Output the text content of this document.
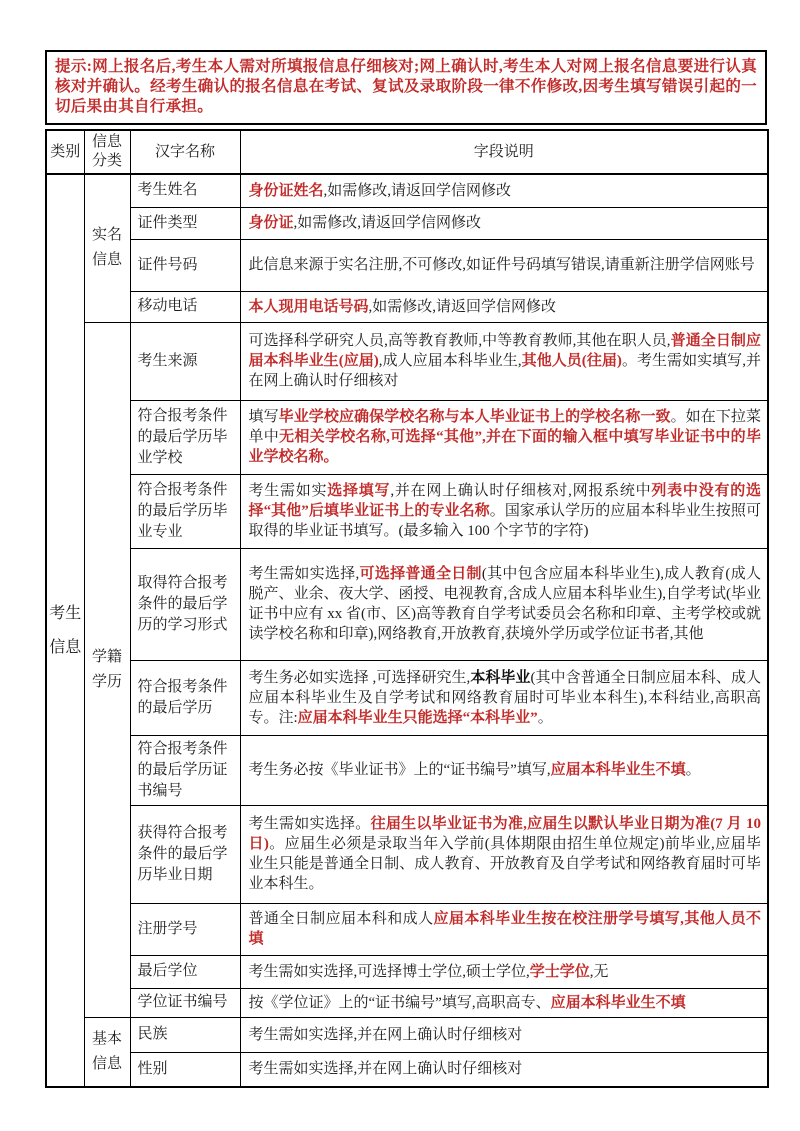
提示:网上报名后,考生本人需对所填报信息仔细核对;网上确认时,考生本人对网上报名信息要进行认真核对并确认。经考生确认的报名信息在考试、复试及录取阶段一律不作修改,因考生填写错误引起的一切后果由其自行承担。
类别	信息分类	汉字名称	字段说明
考生信息	实名信息	考生姓名	身份证姓名,如需修改,请返回学信网修改
		证件类型	身份证,如需修改,请返回学信网修改
		证件号码	此信息来源于实名注册,不可修改,如证件号码填写错误,请重新注册学信网账号
		移动电话	本人现用电话号码,如需修改,请返回学信网修改
	学籍学历	考生来源	可选择科学研究人员,高等教育教师,中等教育教师,其他在职人员,普通全日制应届本科毕业生(应届),成人应届本科毕业生,其他人员(往届)。考生需如实填写,并在网上确认时仔细核对
		符合报考条件的最后学历毕业学校	填写毕业学校应确保学校名称与本人毕业证书上的学校名称一致。如在下拉菜单中无相关学校名称,可选择“其他”,并在下面的输入框中填写毕业证书中的毕业学校名称。
		符合报考条件的最后学历毕业专业	考生需如实选择填写,并在网上确认时仔细核对,网报系统中列表中没有的选择“其他”后填毕业证书上的专业名称。国家承认学历的应届本科毕业生按照可取得的毕业证书填写。(最多输入 100 个字节的字符)
		取得符合报考条件的最后学历的学习形式	考生需如实选择,可选择普通全日制(其中包含应届本科毕业生),成人教育(成人脱产、业余、夜大学、函授、电视教育,含成人应届本科毕业生),自学考试(毕业证书中应有 xx 省(市、区)高等教育自学考试委员会名称和印章、主考学校或就读学校名称和印章),网络教育,开放教育,获境外学历或学位证书者,其他
		符合报考条件的最后学历	考生务必如实选择 ,可选择研究生,本科毕业(其中含普通全日制应届本科、成人应届本科毕业生及自学考试和网络教育届时可毕业本科生),本科结业,高职高专。注:应届本科毕业生只能选择“本科毕业”。
		符合报考条件的最后学历证书编号	考生务必按《毕业证书》上的“证书编号”填写,应届本科毕业生不填。
		获得符合报考条件的最后学历毕业日期	考生需如实选择。往届生以毕业证书为准,应届生以默认毕业日期为准(7 月 10 日)。应届生必须是录取当年入学前(具体期限由招生单位规定)前毕业,应届毕业生只能是普通全日制、成人教育、开放教育及自学考试和网络教育届时可毕业本科生。
		注册学号	普通全日制应届本科和成人应届本科毕业生按在校注册学号填写,其他人员不填
		最后学位	考生需如实选择,可选择博士学位,硕士学位,学士学位,无
		学位证书编号	按《学位证》上的“证书编号”填写,高职高专、应届本科毕业生不填
	基本信息	民族	考生需如实选择,并在网上确认时仔细核对
		性别	考生需如实选择,并在网上确认时仔细核对
